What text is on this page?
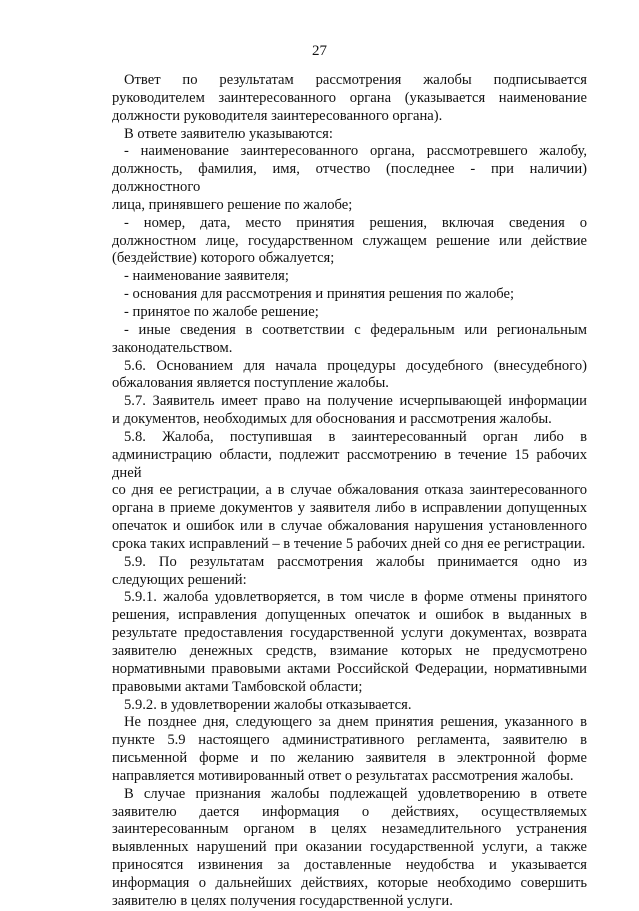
27

Ответ по результатам рассмотрения жалобы подписывается

руководителем заинтересованного органа (указывается наименование

должности руководителя заинтересованного органа).

В ответе заявителю указываются:

- наименование заинтересованного органа, рассмотревшего жалобу,

должность, фамилия, имя, отчество (последнее - при наличии) должностного

лица, принявшего решение по жалобе;

- номер, дата, место принятия решения, включая сведения о

должностном лице, государственном служащем решение или действие

(бездействие) которого обжалуется;

- наименование заявителя;

- основания для рассмотрения и принятия решения по жалобе;

- принятое по жалобе решение;

- иные сведения в соответствии с федеральным или региональным

законодательством.

5.6. Основанием для начала процедуры досудебного (внесудебного)

обжалования является поступление жалобы.

5.7. Заявитель имеет право на получение исчерпывающей информации

и документов, необходимых для обоснования и рассмотрения жалобы.

5.8. Жалоба, поступившая в заинтересованный орган либо в

администрацию области, подлежит рассмотрению в течение 15 рабочих дней

со дня ее регистрации, а в случае обжалования отказа заинтересованного

органа в приеме документов у заявителя либо в исправлении допущенных

опечаток и ошибок или в случае обжалования нарушения установленного

срока таких исправлений – в течение 5 рабочих дней со дня ее регистрации.

5.9. По результатам рассмотрения жалобы принимается одно из

следующих решений:

5.9.1. жалоба удовлетворяется, в том числе в форме отмены принятого

решения, исправления допущенных опечаток и ошибок в выданных в

результате предоставления государственной услуги документах, возврата

заявителю денежных средств, взимание которых не предусмотрено

нормативными правовыми актами Российской Федерации, нормативными

правовыми актами Тамбовской области;

5.9.2. в удовлетворении жалобы отказывается.

Не позднее дня, следующего за днем принятия решения, указанного в

пункте 5.9 настоящего административного регламента, заявителю в

письменной форме и по желанию заявителя в электронной форме

направляется мотивированный ответ о результатах рассмотрения жалобы.

В случае признания жалобы подлежащей удовлетворению в ответе

заявителю дается информация о действиях, осуществляемых

заинтересованным органом в целях незамедлительного устранения

выявленных нарушений при оказании государственной услуги, а также

приносятся извинения за доставленные неудобства и указывается

информация о дальнейших действиях, которые необходимо совершить

заявителю в целях получения государственной услуги.
